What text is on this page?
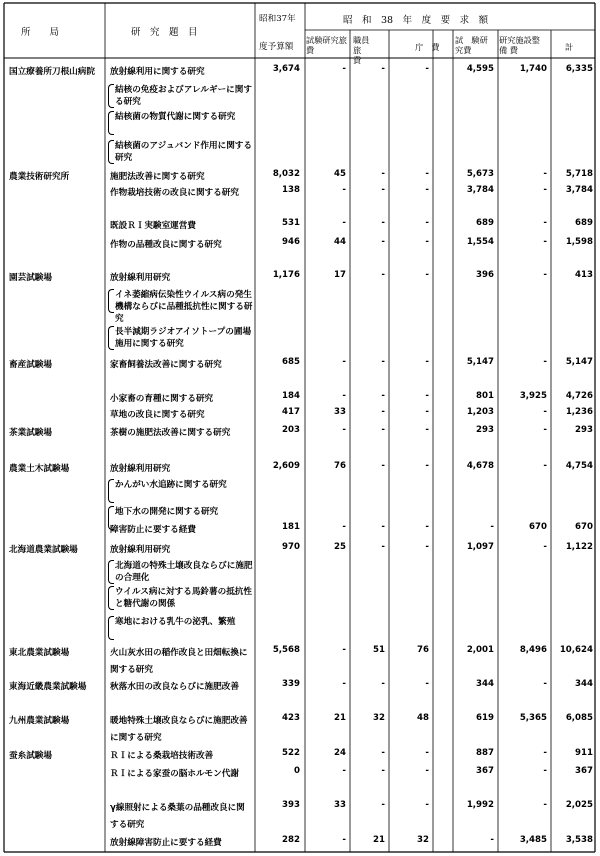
所　　局	研　究　題　目
昭和37年
度予算額
昭　和　38　年　度　要　求　額
試験研究旅　費
職員旅　費
庁　費
試　験研究費
研究施設整 備 費	計
国立療養所刀根山病院	放射線利用に関する研究	3,674	-	-	-	4,595	1,740	6,335
結核の免疫およびアレルギーに関する研究
結核菌の物質代謝に関する研究
結核菌のアジュバンド作用に関する研究
農業技術研究所	施肥法改善に関する研究	8,032	45	-	-	5,673	-	5,718
作物栽培技術の改良に関する研究	138	-	-	-	3,784	-	3,784
既設ＲＩ実験室運営費	531	-	-	-	689	-	689
作物の品種改良に関する研究	946	44	-	-	1,554	-	1,598
園芸試験場	放射線利用研究	1,176	17	-	-	396	-	413
イネ萎縮病伝染性ウイルス病の発生機構ならびに品種抵抗性に関する研究
長半減期ラジオアイソトープの圃場施用に関する研究
畜産試験場	家畜飼養法改善に関する研究	685	-	-	-	5,147	-	5,147
小家畜の育種に関する研究	184	-	-	-	801	3,925	4,726
草地の改良に関する研究	417	33	-	-	1,203	-	1,236
茶業試験場	茶樹の施肥法改善に関する研究	203	-	-	-	293	-	293
農業土木試験場	放射線利用研究	2,609	76	-	-	4,678	-	4,754
かんがい水追跡に関する研究
地下水の開発に関する研究
障害防止に要する経費	181	-	-	-	-	670	670
北海道農業試験場	放射線利用研究	970	25	-	-	1,097	-	1,122
北海道の特殊土壌改良ならびに施肥の合理化
ウイルス病に対する馬鈴薯の抵抗性と糖代謝の関係
寒地における乳牛の泌乳、繁殖
東北農業試験場	火山灰水田の稲作改良と田畑転換に関する研究
5,568	-	51	76	2,001	8,496	10,624
東海近畿農業試験場	秋落水田の改良ならびに施肥改善	339	-	-	-	344	-	344
九州農業試験場	暖地特殊土壌改良ならびに施肥改善に関する研究
423	21	32	48	619	5,365	6,085
蚕糸試験場	ＲＩによる桑栽培技術改善	522	24	-	-	887	-	911
ＲＩによる家蚕の脳ホルモン代謝	0	-	-	-	367	-	367
γ線照射による桑葉の品種改良に関する研究
393	33	-	-	1,992	-	2,025
放射線障害防止に要する経費	282	-	21	32	-	3,485	3,538
